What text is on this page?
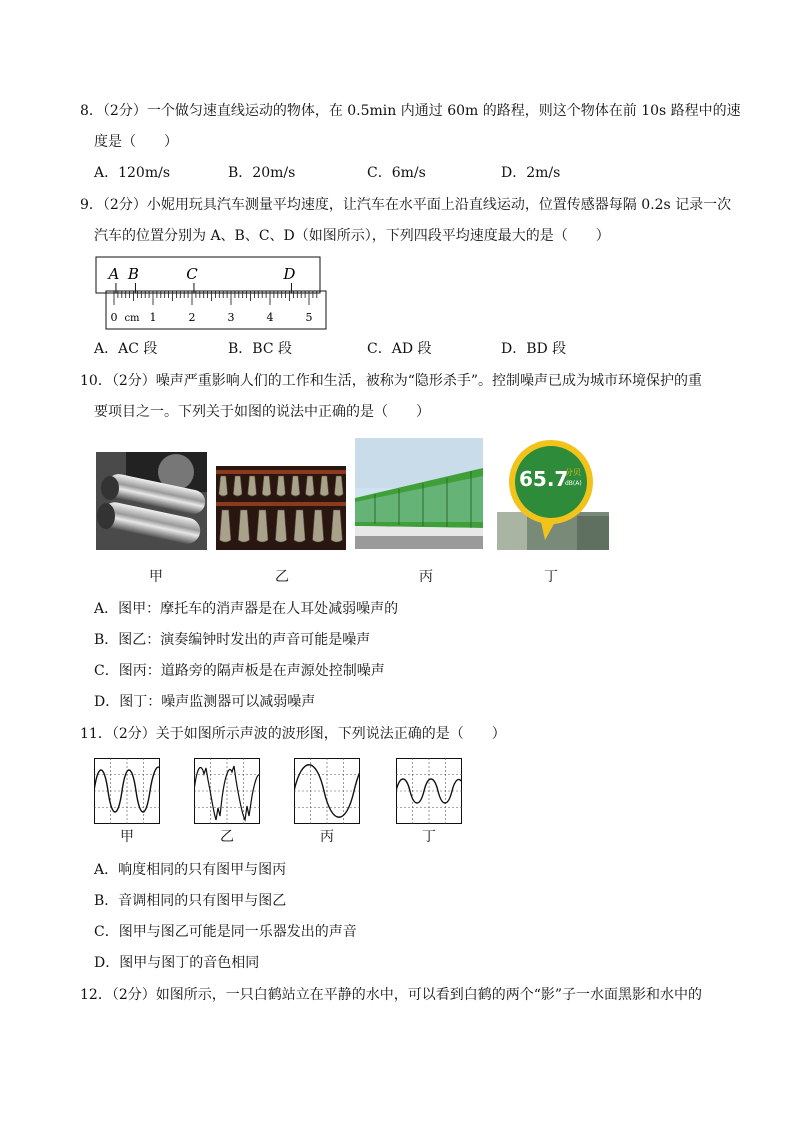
8．（2分）一个做匀速直线运动的物体，在 0.5min 内通过 60m 的路程，则这个物体在前 10s 路程中的速
度是（　　）
A．120m/s	B．20m/s	C．6m/s	D．2m/s
9．（2分）小妮用玩具汽车测量平均速度，让汽车在水平面上沿直线运动，位置传感器每隔 0.2s 记录一次
汽车的位置分别为 A、B、C、D（如图所示），下列四段平均速度最大的是（　　）
A B	C	D
0	1	2	3	4	5
cm
A．AC 段	B．BC 段	C．AD 段	D．BD 段
10．（2分）噪声严重影响人们的工作和生活，被称为“隐形杀手”。控制噪声已成为城市环境保护的重
要项目之一。下列关于如图的说法中正确的是（　　）
65.7
分贝
dB(A)
甲	乙	丙	丁
A．图甲：摩托车的消声器是在人耳处减弱噪声的
B．图乙：演奏编钟时发出的声音可能是噪声
C．图丙：道路旁的隔声板是在声源处控制噪声
D．图丁：噪声监测器可以减弱噪声
11．（2分）关于如图所示声波的波形图，下列说法正确的是（　　）
甲	乙	丙	丁
A．响度相同的只有图甲与图丙
B．音调相同的只有图甲与图乙
C．图甲与图乙可能是同一乐器发出的声音
D．图甲与图丁的音色相同
12．（2分）如图所示，一只白鹤站立在平静的水中，可以看到白鹤的两个“影”子一水面黑影和水中的
